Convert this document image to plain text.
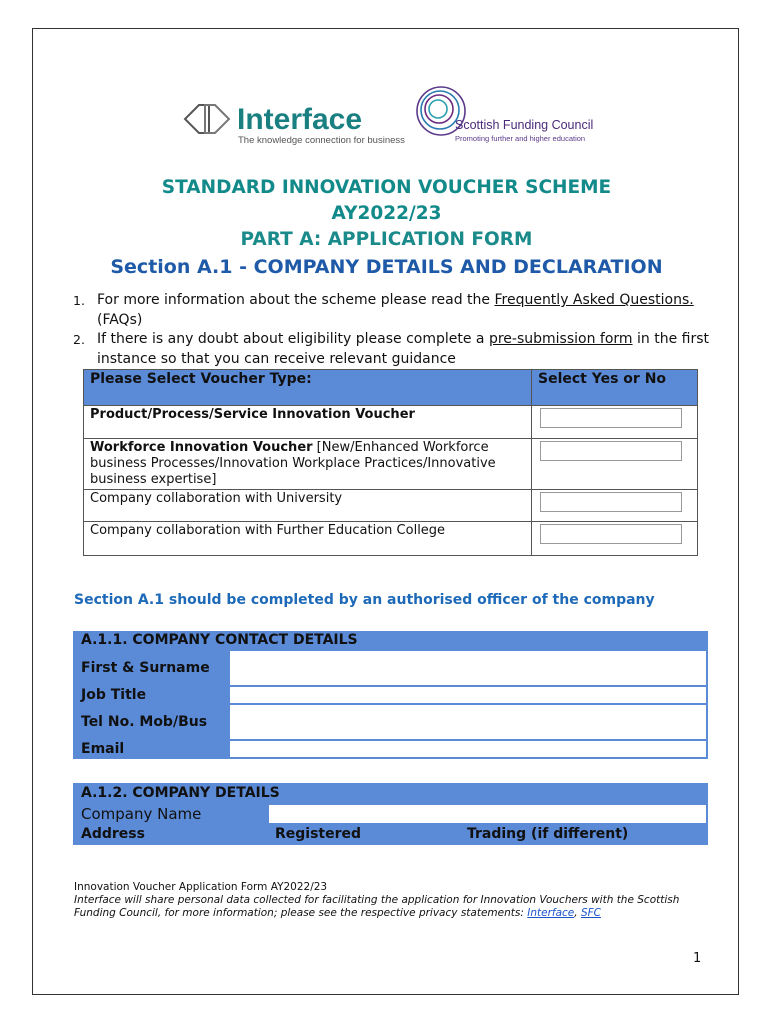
Interface
The knowledge connection for business
Scottish Funding Council
Promoting further and higher education
STANDARD INNOVATION VOUCHER SCHEME
AY2022/23
PART A: APPLICATION FORM
Section A.1 - COMPANY DETAILS AND DECLARATION
1. For more information about the scheme please read the Frequently Asked Questions. (FAQs)
2. If there is any doubt about eligibility please complete a pre-submission form in the first instance so that you can receive relevant guidance
Please Select Voucher Type:	Select Yes or No
Product/Process/Service Innovation Voucher	

Workforce Innovation Voucher [New/Enhanced Workforce business Processes/Innovation Workplace Practices/Innovative business expertise]	

Company collaboration with University	

Company collaboration with Further Education College	
Section A.1 should be completed by an authorised officer of the company
A.1.1. COMPANY CONTACT DETAILS	
First & Surname	
Job Title	
Tel No. Mob/Bus	
Email	
A.1.2. COMPANY DETAILS		
Company Name		
Address	Registered	Trading (if different)
Innovation Voucher Application Form AY2022/23
Interface will share personal data collected for facilitating the application for Innovation Vouchers with the Scottish Funding Council, for more information; please see the respective privacy statements: Interface, SFC
1
